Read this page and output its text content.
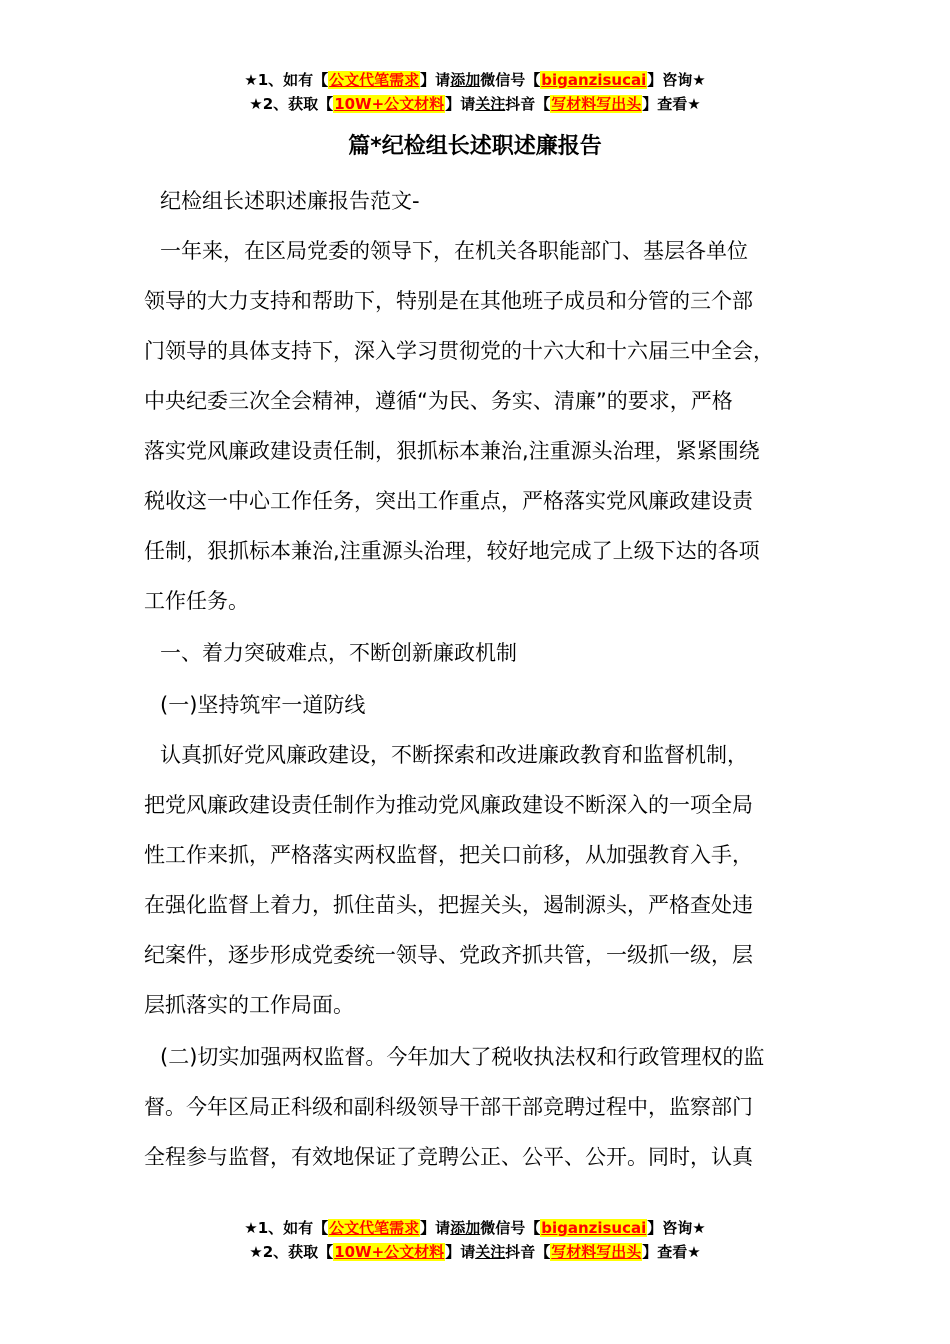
★1、如有【公文代笔需求】请添加微信号【biganzisucai】咨询★
★2、获取【10W+公文材料】请关注抖音【写材料写出头】查看★
篇*纪检组长述职述廉报告
纪检组长述职述廉报告范文-
一年来，在区局党委的领导下，在机关各职能部门、基层各单位
领导的大力支持和帮助下，特别是在其他班子成员和分管的三个部
门领导的具体支持下，深入学习贯彻党的十六大和十六届三中全会，
中央纪委三次全会精神，遵循“为民、务实、清廉”的要求，严格
落实党风廉政建设责任制，狠抓标本兼治,注重源头治理，紧紧围绕
税收这一中心工作任务，突出工作重点，严格落实党风廉政建设责
任制，狠抓标本兼治,注重源头治理，较好地完成了上级下达的各项
工作任务。
一、着力突破难点，不断创新廉政机制
(一)坚持筑牢一道防线
认真抓好党风廉政建设，不断探索和改进廉政教育和监督机制，
把党风廉政建设责任制作为推动党风廉政建设不断深入的一项全局
性工作来抓，严格落实两权监督，把关口前移，从加强教育入手，
在强化监督上着力，抓住苗头，把握关头，遏制源头，严格查处违
纪案件，逐步形成党委统一领导、党政齐抓共管，一级抓一级，层
层抓落实的工作局面。
(二)切实加强两权监督。今年加大了税收执法权和行政管理权的监
督。今年区局正科级和副科级领导干部干部竞聘过程中，监察部门
全程参与监督，有效地保证了竞聘公正、公平、公开。同时，认真
★1、如有【公文代笔需求】请添加微信号【biganzisucai】咨询★
★2、获取【10W+公文材料】请关注抖音【写材料写出头】查看★
